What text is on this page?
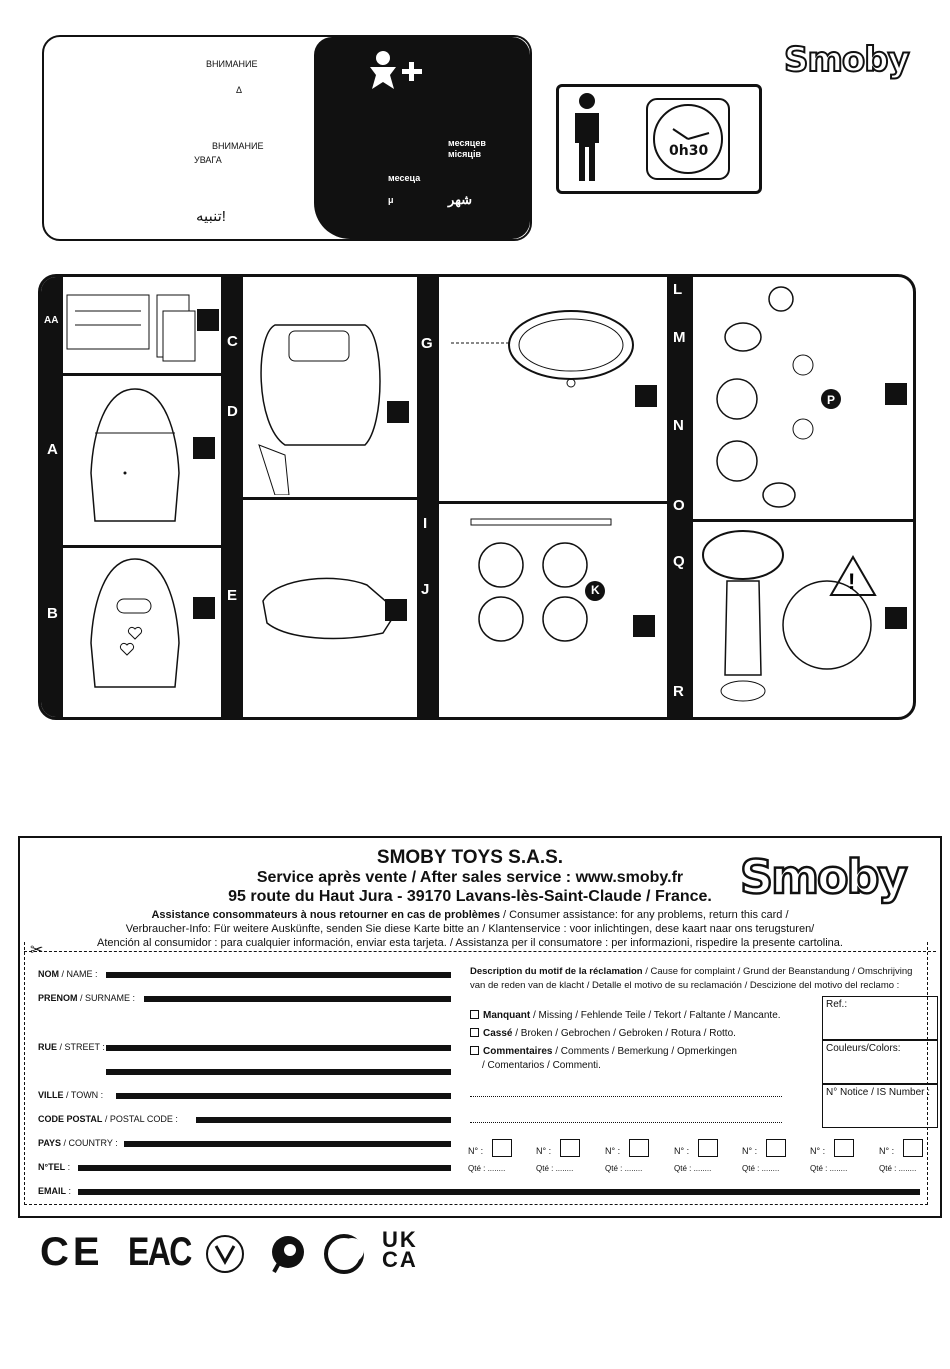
ВНИМАНИЕ
Δ
ВНИМАНИЕ
УВАГА
تنبيه!
месяцев
місяців
месеца
μ	شهر
0h30
Smoby
AA
A
B
C
D
E
G
I
J
L
M
N
O
Q
R
K
P
!
SMOBY TOYS S.A.S.
Service après vente / After sales service : www.smoby.fr
95 route du Haut Jura - 39170 Lavans-lès-Saint-Claude / France.
Assistance consommateurs à nous retourner en cas de problèmes / Consumer assistance: for any problems, return this card /
Verbraucher-Info: Für weitere Auskünfte, senden Sie diese Karte bitte an / Klantenservice : voor inlichtingen, dese kaart naar ons terugsturen/
Atención al consumidor : para cualquier información, enviar esta tarjeta. / Assistanza per il consumatore : per informazioni, rispedire la presente cartolina.
Smoby
✂
NOM / NAME :
PRENOM / SURNAME :
RUE / STREET :
VILLE / TOWN :
CODE POSTAL / POSTAL CODE :
PAYS / COUNTRY :
N°TEL :
EMAIL :
Description du motif de la réclamation / Cause for complaint / Grund der Beanstandung / Omschrijving van de reden van de klacht / Detalle el motivo de su reclamación / Descizione del motivo del reclamo :
Manquant / Missing / Fehlende Teile / Tekort / Faltante / Mancante.
Cassé / Broken / Gebrochen / Gebroken / Rotura / Rotto.
Commentaires / Comments / Bemerkung / Opmerkingen
/ Comentarios / Commenti.
Ref.:
Couleurs/Colors:
N° Notice / IS Number :
N° :
Qté : ........
N° :
Qté : ........
N° :
Qté : ........
N° :
Qté : ........
N° :
Qté : ........
N° :
Qté : ........
N° :
Qté : ........
CE EAC	UK
CA
